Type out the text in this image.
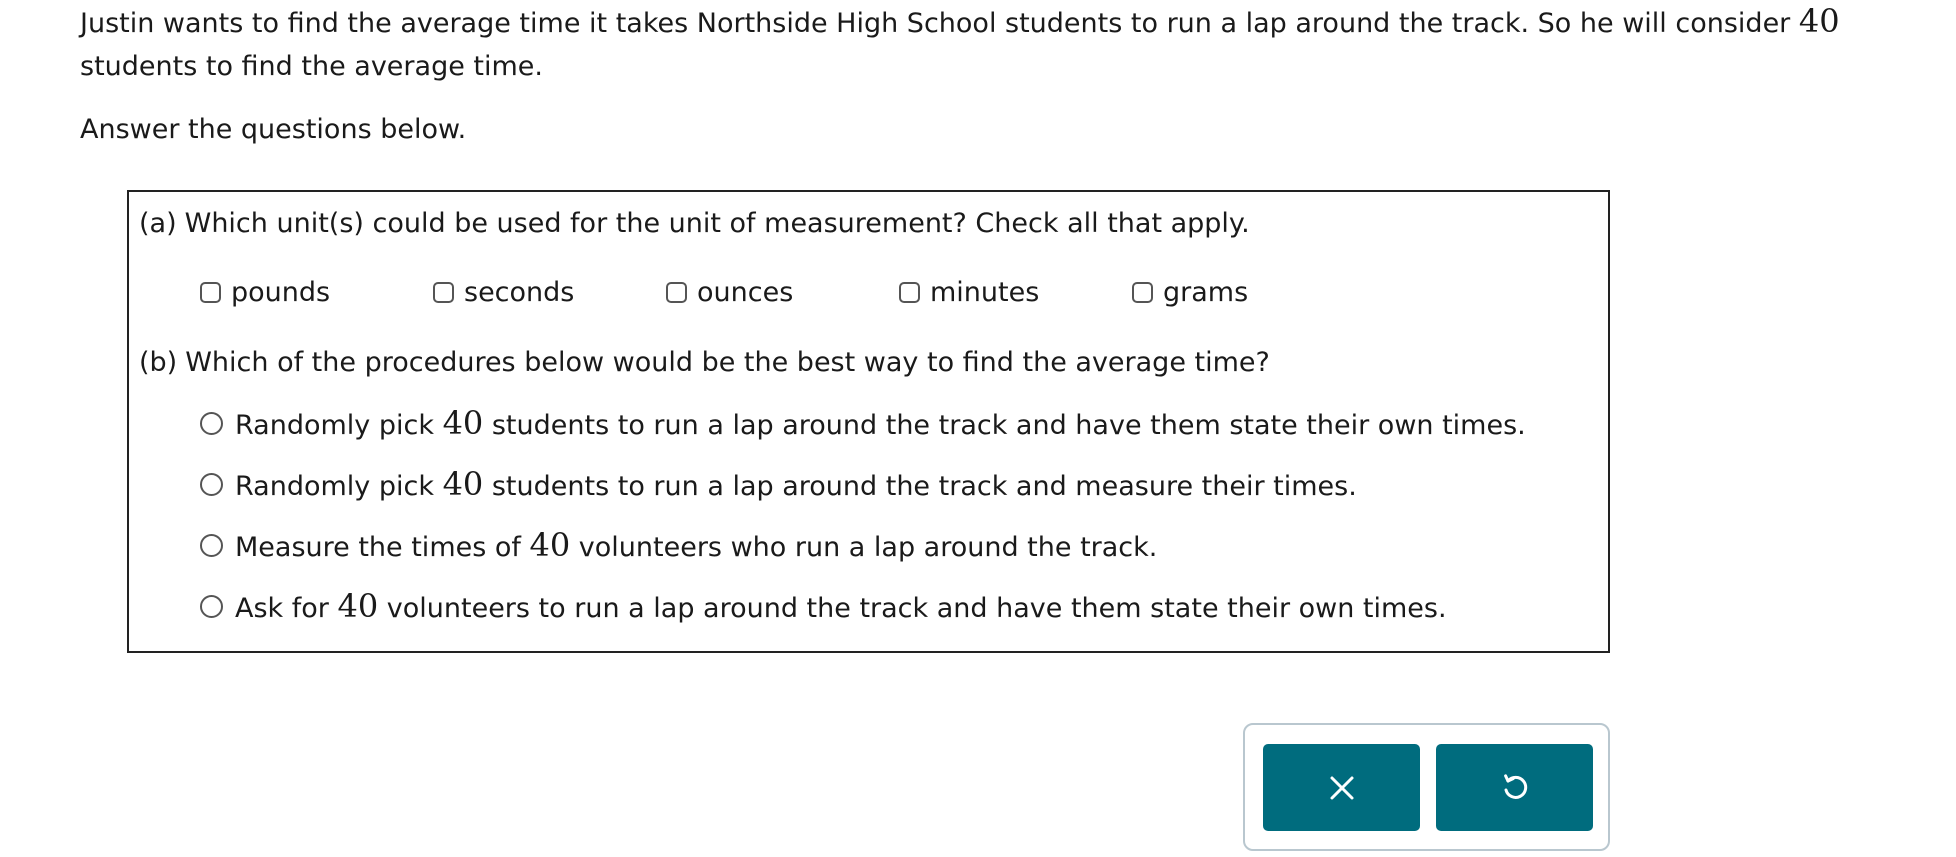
Justin wants to find the average time it takes Northside High School students to run a lap around the track. So he will consider 40
students to find the average time.

Answer the questions below.

(a) Which unit(s) could be used for the unit of measurement? Check all that apply.
pounds	seconds	ounces	minutes	grams
(b) Which of the procedures below would be the best way to find the average time?
Randomly pick 40 students to run a lap around the track and have them state their own times.
Randomly pick 40 students to run a lap around the track and measure their times.
Measure the times of 40 volunteers who run a lap around the track.
Ask for 40 volunteers to run a lap around the track and have them state their own times.
